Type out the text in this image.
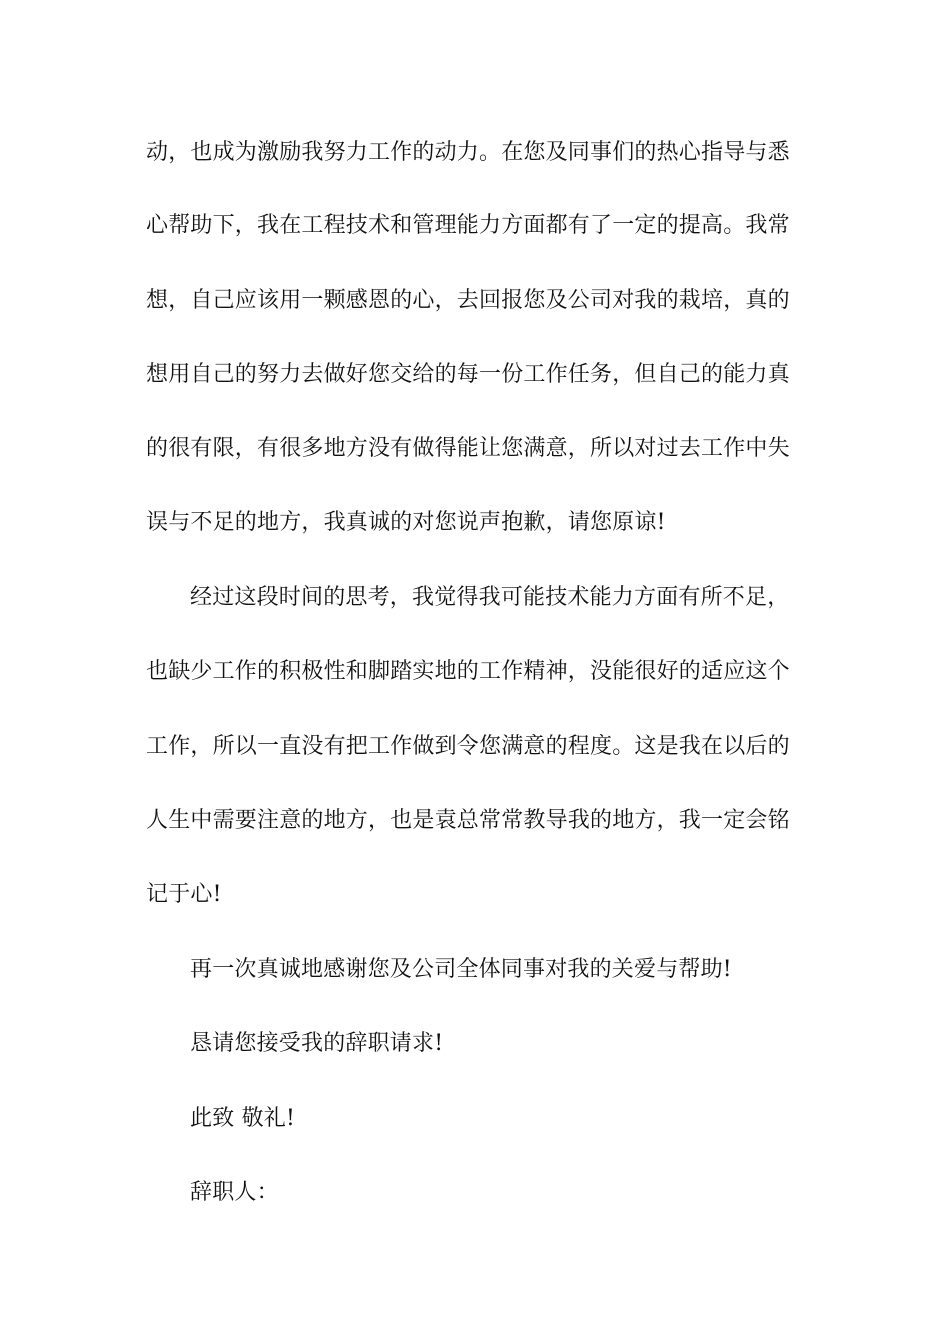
动，也成为激励我努力工作的动力。在您及同事们的热心指导与悉
心帮助下，我在工程技术和管理能力方面都有了一定的提高。我常
想，自己应该用一颗感恩的心，去回报您及公司对我的栽培，真的
想用自己的努力去做好您交给的每一份工作任务，但自己的能力真
的很有限，有很多地方没有做得能让您满意，所以对过去工作中失
误与不足的地方，我真诚的对您说声抱歉，请您原谅!
经过这段时间的思考，我觉得我可能技术能力方面有所不足，
也缺少工作的积极性和脚踏实地的工作精神，没能很好的适应这个
工作，所以一直没有把工作做到令您满意的程度。这是我在以后的
人生中需要注意的地方，也是袁总常常教导我的地方，我一定会铭
记于心!
再一次真诚地感谢您及公司全体同事对我的关爱与帮助!
恳请您接受我的辞职请求!
此致 敬礼!
辞职人：
